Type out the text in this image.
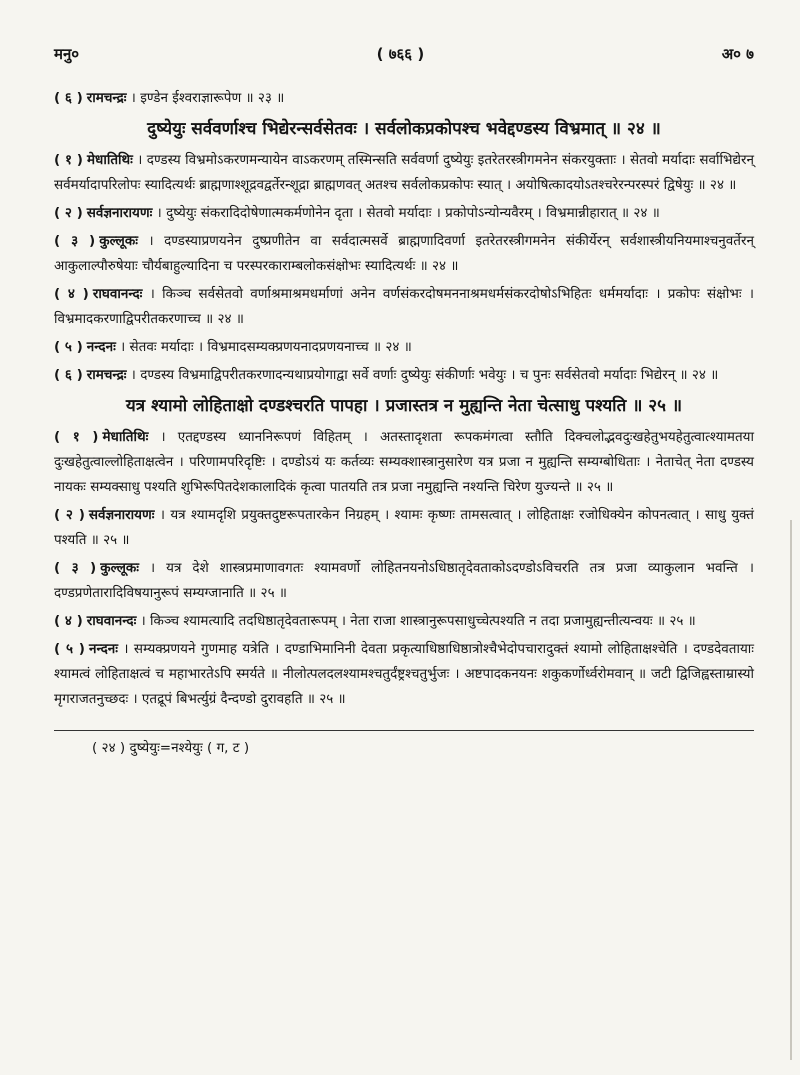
मनु०	( ७६६ )	अ० ७

( ६ ) रामचन्द्रः । इण्डेन ईश्वराज्ञारूपेण ॥ २३ ॥

दुष्येयुः सर्ववर्णाश्च भिद्येरन्सर्वसेतवः । सर्वलोकप्रकोपश्च भवेद्दण्डस्य विभ्रमात् ॥ २४ ॥

( १ ) मेधातिथिः । दण्डस्य विभ्रमोऽकरणमन्यायेन वाऽकरणम् तस्मिन्सति सर्ववर्णा दुष्येयुः इतरेतरस्त्रीगमनेन संकरयुक्ताः । सेतवो मर्यादाः सर्वाभिद्येरन् सर्वमर्यादापरिलोपः स्यादित्यर्थः ब्राह्मणाश्शूद्रवद्वर्तेरन्शूद्रा ब्राह्मणवत् अतश्च सर्वलोकप्रकोपः स्यात् । अयोषित्कादयोऽतश्चरेरन्परस्परं द्विषेयुः ॥ २४ ॥

( २ ) सर्वज्ञनारायणः । दुष्येयुः संकरादिदोषेणात्मकर्मणोनेन दृता । सेतवो मर्यादाः । प्रकोपोऽन्योन्यवैरम् । विभ्रमान्नीहारात् ॥ २४ ॥

( ३ ) कुल्लूकः । दण्डस्याप्रणयनेन दुष्प्रणीतेन वा सर्वदात्मसर्वे ब्राह्मणादिवर्णा इतरेतरस्त्रीगमनेन संकीर्येरन् सर्वशास्त्रीयनियमाश्चनुवर्तेरन् आकुलाल्पौरुषेयाः चौर्यबाहुल्यादिना च परस्परकाराम्बलोकसंक्षोभः स्यादित्यर्थः ॥ २४ ॥

( ४ ) राघवानन्दः । किञ्च सर्वसेतवो वर्णाश्रमाश्रमधर्माणां अनेन वर्णसंकरदोषमननाश्रमधर्मसंकरदोषोऽभिहितः धर्ममर्यादाः । प्रकोपः संक्षोभः । विभ्रमादकरणाद्विपरीतकरणाच्च ॥ २४ ॥

( ५ ) नन्दनः । सेतवः मर्यादाः । विभ्रमादसम्यक्प्रणयनादप्रणयनाच्च ॥ २४ ॥

( ६ ) रामचन्द्रः । दण्डस्य विभ्रमाद्विपरीतकरणादन्यथाप्रयोगाद्वा सर्वे वर्णाः दुष्येयुः संकीर्णाः भवेयुः । च पुनः सर्वसेतवो मर्यादाः भिद्येरन् ॥ २४ ॥

यत्र श्यामो लोहिताक्षो दण्डश्चरति पापहा । प्रजास्तत्र न मुह्यन्ति नेता चेत्साधु पश्यति ॥ २५ ॥

( १ ) मेधातिथिः । एतद्दण्डस्य ध्याननिरूपणं विहितम् । अतस्तादृशता रूपकमंगत्वा स्तौति दिक्चलोद्भवदुःखहेतुभयहेतुत्वात्श्यामतया दुःखहेतुत्वाल्लोहिताक्षत्वेन । परिणामपरिदृष्टिः । दण्डोऽयं यः कर्तव्यः सम्यक्शास्त्रानुसारेण यत्र प्रजा न मुह्यन्ति सम्यग्बोधिताः । नेताचेत् नेता दण्डस्य नायकः सम्यक्साधु पश्यति शुभिरूपितदेशकालादिकं कृत्वा पातयति तत्र प्रजा नमुह्यन्ति नश्यन्ति चिरेण युज्यन्ते ॥ २५ ॥

( २ ) सर्वज्ञनारायणः । यत्र श्यामदृशि प्रयुक्तदुष्टरूपतारकेन निग्रहम् । श्यामः कृष्णः तामसत्वात् । लोहिताक्षः रजोधिक्येन कोपनत्वात् । साधु युक्तं पश्यति ॥ २५ ॥

( ३ ) कुल्लूकः । यत्र देशे शास्त्रप्रमाणावगतः श्यामवर्णो लोहितनयनोऽधिष्ठातृदेवताकोऽदण्डोऽविचरति तत्र प्रजा व्याकुलान भवन्ति । दण्डप्रणेतारादिविषयानुरूपं सम्यग्जानाति ॥ २५ ॥

( ४ ) राघवानन्दः । किञ्च श्यामत्यादि तदधिष्ठातृदेवतारूपम् । नेता राजा शास्त्रानुरूपसाधुच्चेत्पश्यति न तदा प्रजामुह्यन्तीत्यन्वयः ॥ २५ ॥

( ५ ) नन्दनः । सम्यक्प्रणयने गुणमाह यत्रेति । दण्डाभिमानिनी देवता प्रकृत्याधिष्ठाधिष्ठात्रोश्चैभेदोपचारादुक्तं श्यामो लोहिताक्षश्चेति । दण्डदेवतायाः श्यामत्वं लोहिताक्षत्वं च महाभारतेऽपि स्मर्यते ॥ नीलोत्पलदलश्यामश्चतुर्दंष्ट्रश्चतुर्भुजः । अष्टपादकनयनः शकुकर्णोर्ध्वरोमवान् ॥ जटी द्विजिह्वस्ताम्रास्यो मृगराजतनुच्छदः । एतद्रूपं बिभर्त्युग्रं दैन्दण्डो दुरावहति ॥ २५ ॥

( २४ ) दुष्येयुः=नश्येयुः ( ग, ट )
